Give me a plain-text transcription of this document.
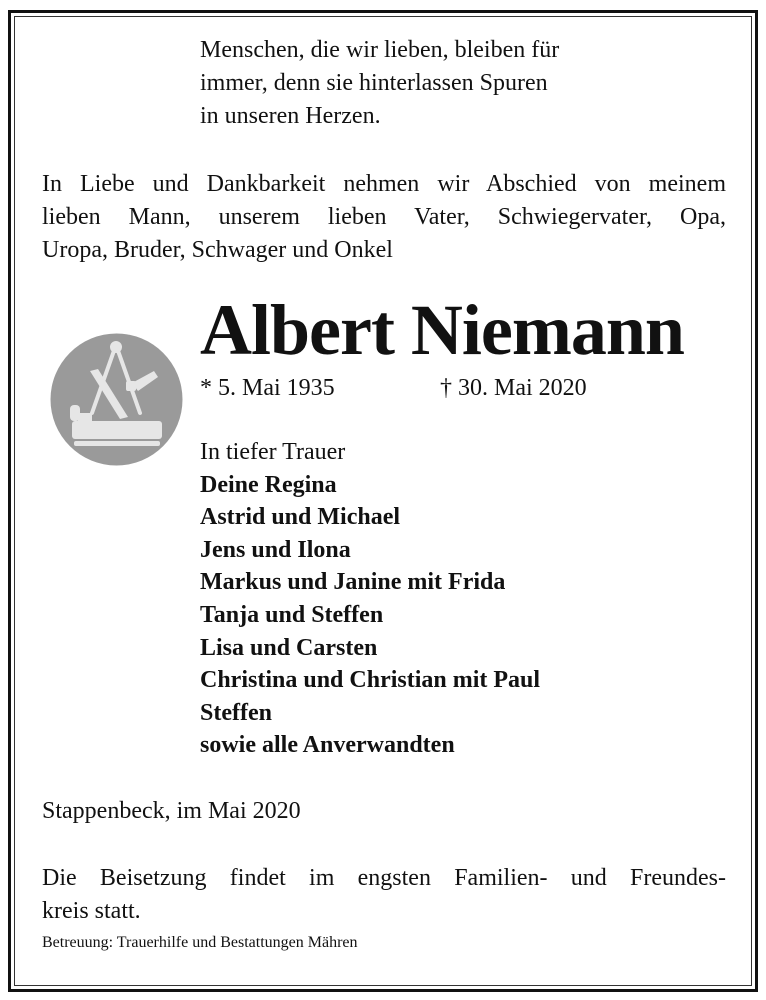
Menschen, die wir lieben, bleiben für
immer, denn sie hinterlassen Spuren
in unseren Herzen.
In Liebe und Dankbarkeit nehmen wir Abschied von meinem
lieben Mann, unserem lieben Vater, Schwiegervater, Opa,
Uropa, Bruder, Schwager und Onkel
Albert Niemann
* 5. Mai 1935	† 30. Mai 2020
In tiefer Trauer
Deine Regina
Astrid und Michael
Jens und Ilona
Markus und Janine mit Frida
Tanja und Steffen
Lisa und Carsten
Christina und Christian mit Paul
Steffen
sowie alle Anverwandten
Stappenbeck, im Mai 2020
Die Beisetzung findet im engsten Familien- und Freundes-
kreis statt.
Betreuung: Trauerhilfe und Bestattungen Mähren
